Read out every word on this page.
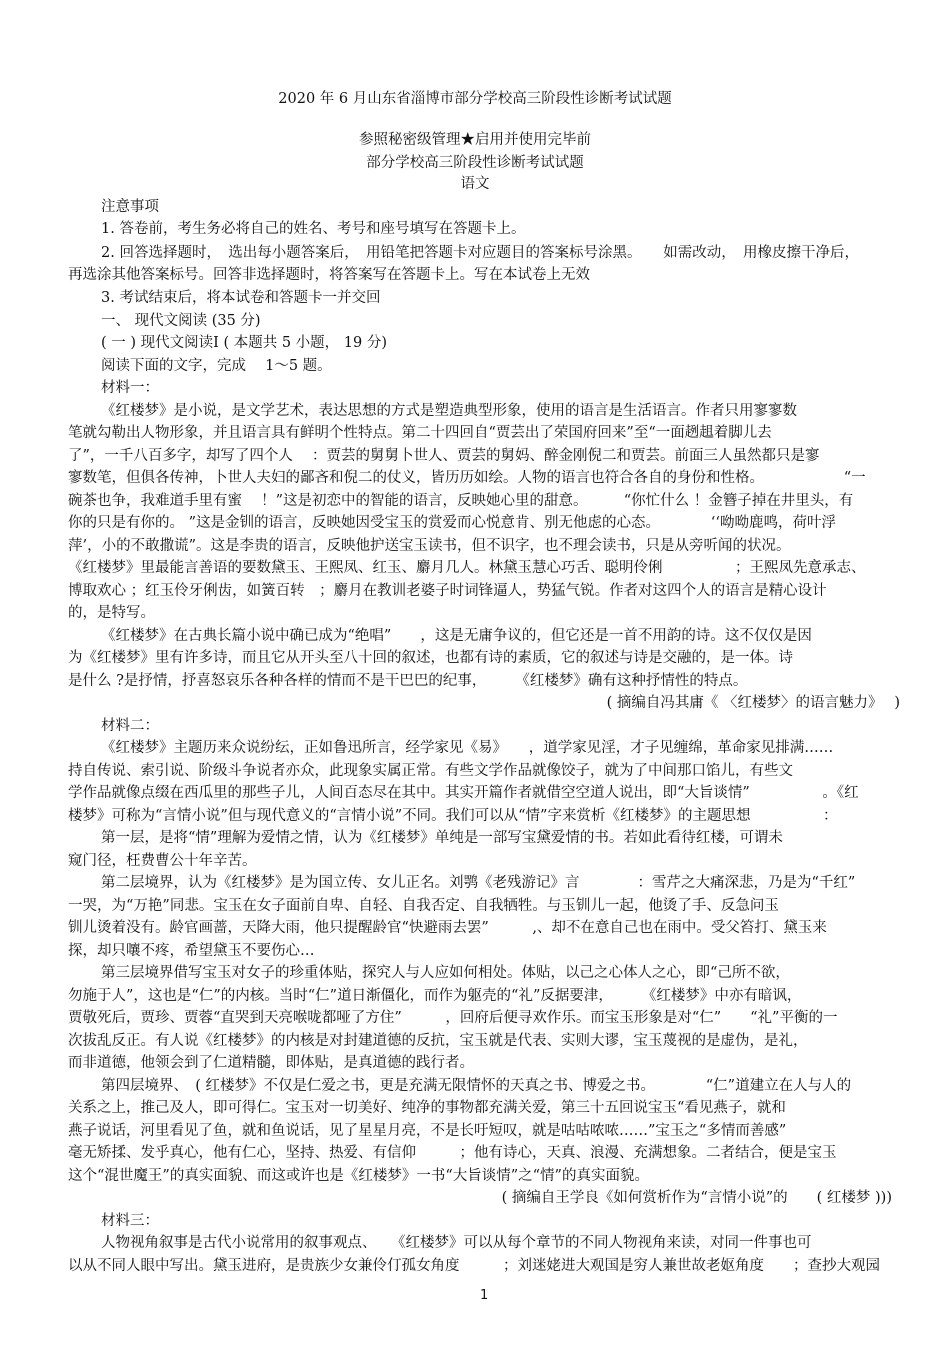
2020 年 6 月山东省淄博市部分学校高三阶段性诊断考试试题
参照秘密级管理★启用并使用完毕前
部分学校高三阶段性诊断考试试题
语文
注意事项
1. 答卷前，考生务必将自己的姓名、考号和座号填写在答题卡上。
2. 回答选择题时，　选出每小题答案后，　用铅笔把答题卡对应题目的答案标号涂黑。　　如需改动，　用橡皮擦干净后，
再选涂其他答案标号。回答非选择题时，将答案写在答题卡上。写在本试卷上无效
3. 考试结束后，将本试卷和答题卡一并交回
一、 现代文阅读 (35 分)
( 一 ) 现代文阅读Ⅰ ( 本题共 5 小题， 19 分)
阅读下面的文字，完成　 1～5 题。
材料一：
《红楼梦》是小说，是文学艺术，表达思想的方式是塑造典型形象，使用的语言是生活语言。作者只用寥寥数
笔就勾勒出人物形象，并且语言具有鲜明个性特点。第二十四回自“贾芸出了荣国府回来”至“一面趔趄着脚儿去
了”，一千八百多字，却写了四个人　 ：贾芸的舅舅卜世人、贾芸的舅妈、醉金刚倪二和贾芸。前面三人虽然都只是寥
寥数笔，但俱各传神，卜世人夫妇的鄙吝和倪二的仗义，皆历历如绘。人物的语言也符合各自的身份和性格。　　　　　　“一
碗茶也争，我难道手里有蜜　 ！”这是初恋中的智能的语言，反映她心里的甜意。　　　“你忙什么 ！金簪子掉在井里头，有
你的只是有你的。 ”这是金钏的语言，反映她因受宝玉的赏爱而心悦意肯、别无他虑的心态。　　　　‘‘呦呦鹿鸣，荷叶浮
萍’，小的不敢撒谎”。这是李贵的语言，反映他护送宝玉读书，但不识字，也不理会读书，只是从旁听闻的状况。
《红楼梦》里最能言善语的要数黛玉、王熙凤、红玉、麝月几人。林黛玉慧心巧舌、聪明伶俐　　　　　；王熙凤先意承志、
博取欢心 ；红玉伶牙俐齿，如簧百转　；麝月在教训老婆子时词锋逼人，势猛气锐。作者对这四个人的语言是精心设计
的，是特写。
《红楼梦》在古典长篇小说中确已成为“绝唱”　　，这是无庸争议的，但它还是一首不用韵的诗。这不仅仅是因
为《红楼梦》里有许多诗，而且它从开头至八十回的叙述，也都有诗的素质，它的叙述与诗是交融的，是一体。诗
是什么 ?是抒情，抒喜怒哀乐各种各样的情而不是干巴巴的纪事，　　　《红楼梦》确有这种抒情性的特点。
( 摘编自冯其庸《 〈红楼梦〉的语言魅力》　 )
材料二：
《红楼梦》主题历来众说纷纭，正如鲁迅所言，经学家见《易》　　，道学家见淫，才子见缠绵，革命家见排满……
持自传说、索引说、阶级斗争说者亦众，此现象实属正常。有些文学作品就像饺子，就为了中间那口馅儿，有些文
学作品就像点缀在西瓜里的那些子儿，人间百态尽在其中。其实开篇作者就借空空道人说出，即“大旨谈情”　　　　　。《红
楼梦》可称为“言情小说”但与现代意义的“言情小说”不同。我们可以从“情”字来赏析《红楼梦》的主题思想　　　　　：
第一层，是将“情”理解为爱情之情，认为《红楼梦》单纯是一部写宝黛爱情的书。若如此看待红楼，可谓未
窥门径，枉费曹公十年辛苦。
第二层境界，认为《红楼梦》是为国立传、女儿正名。刘鹗《老残游记》言　　　　：雪芹之大痛深悲，乃是为“千红”
一哭，为“万艳”同悲。宝玉在女子面前自卑、自轻、自我否定、自我牺牲。与玉钏儿一起，他烫了手、反急问玉
钏儿烫着没有。龄官画蔷，天降大雨，他只提醒龄官“快避雨去罢”　　　,、却不在意自己也在雨中。受父笞打、黛玉来
探，却只嚷不疼，希望黛玉不要伤心…
第三层境界借写宝玉对女子的珍重体贴，探究人与人应如何相处。体贴，以己之心体人之心，即“己所不欲，
勿施于人”，这也是“仁”的内核。当时“仁”道日渐僵化，而作为躯壳的“礼”反据要津，　　　《红楼梦》中亦有暗讽，
贾敬死后，贾珍、贾蓉“直哭到天亮喉咙都哑了方住”　　　，回府后便寻欢作乐。而宝玉形象是对“仁”　　“礼”平衡的一
次拔乱反正。有人说《红楼梦》的内核是对封建道德的反抗，宝玉就是代表、实则大谬，宝玉蔑视的是虚伪，是礼，
而非道德，他领会到了仁道精髓，即体贴，是真道德的践行者。
第四层境界、　( 红楼梦》不仅是仁爱之书，更是充满无限情怀的天真之书、博爱之书。　　　　“仁”道建立在人与人的
关系之上，推己及人，即可得仁。宝玉对一切美好、纯净的事物都充满关爱，第三十五回说宝玉“看见燕子，就和
燕子说话，河里看见了鱼，就和鱼说话，见了星星月亮，不是长吁短叹，就是咕咕哝哝……”宝玉之“多情而善感”
毫无矫揉、发乎真心，他有仁心，坚持、热爱、有信仰　　　；他有诗心，天真、浪漫、充满想象。二者结合，便是宝玉
这个“混世魔王”的真实面貌、而这或许也是《红楼梦》一书“大旨谈情”之“情”的真实面貌。
( 摘编自王学良《如何赏析作为“言情小说”的　　( 红楼梦 )))
材料三：
人物视角叙事是古代小说常用的叙事观点、　　《红楼梦》可以从每个章节的不同人物视角来读，对同一件事也可
以从不同人眼中写出。黛玉进府，是贵族少女兼伶仃孤女角度　　　；刘迷姥进大观国是穷人兼世故老妪角度　　；查抄大观园
1
